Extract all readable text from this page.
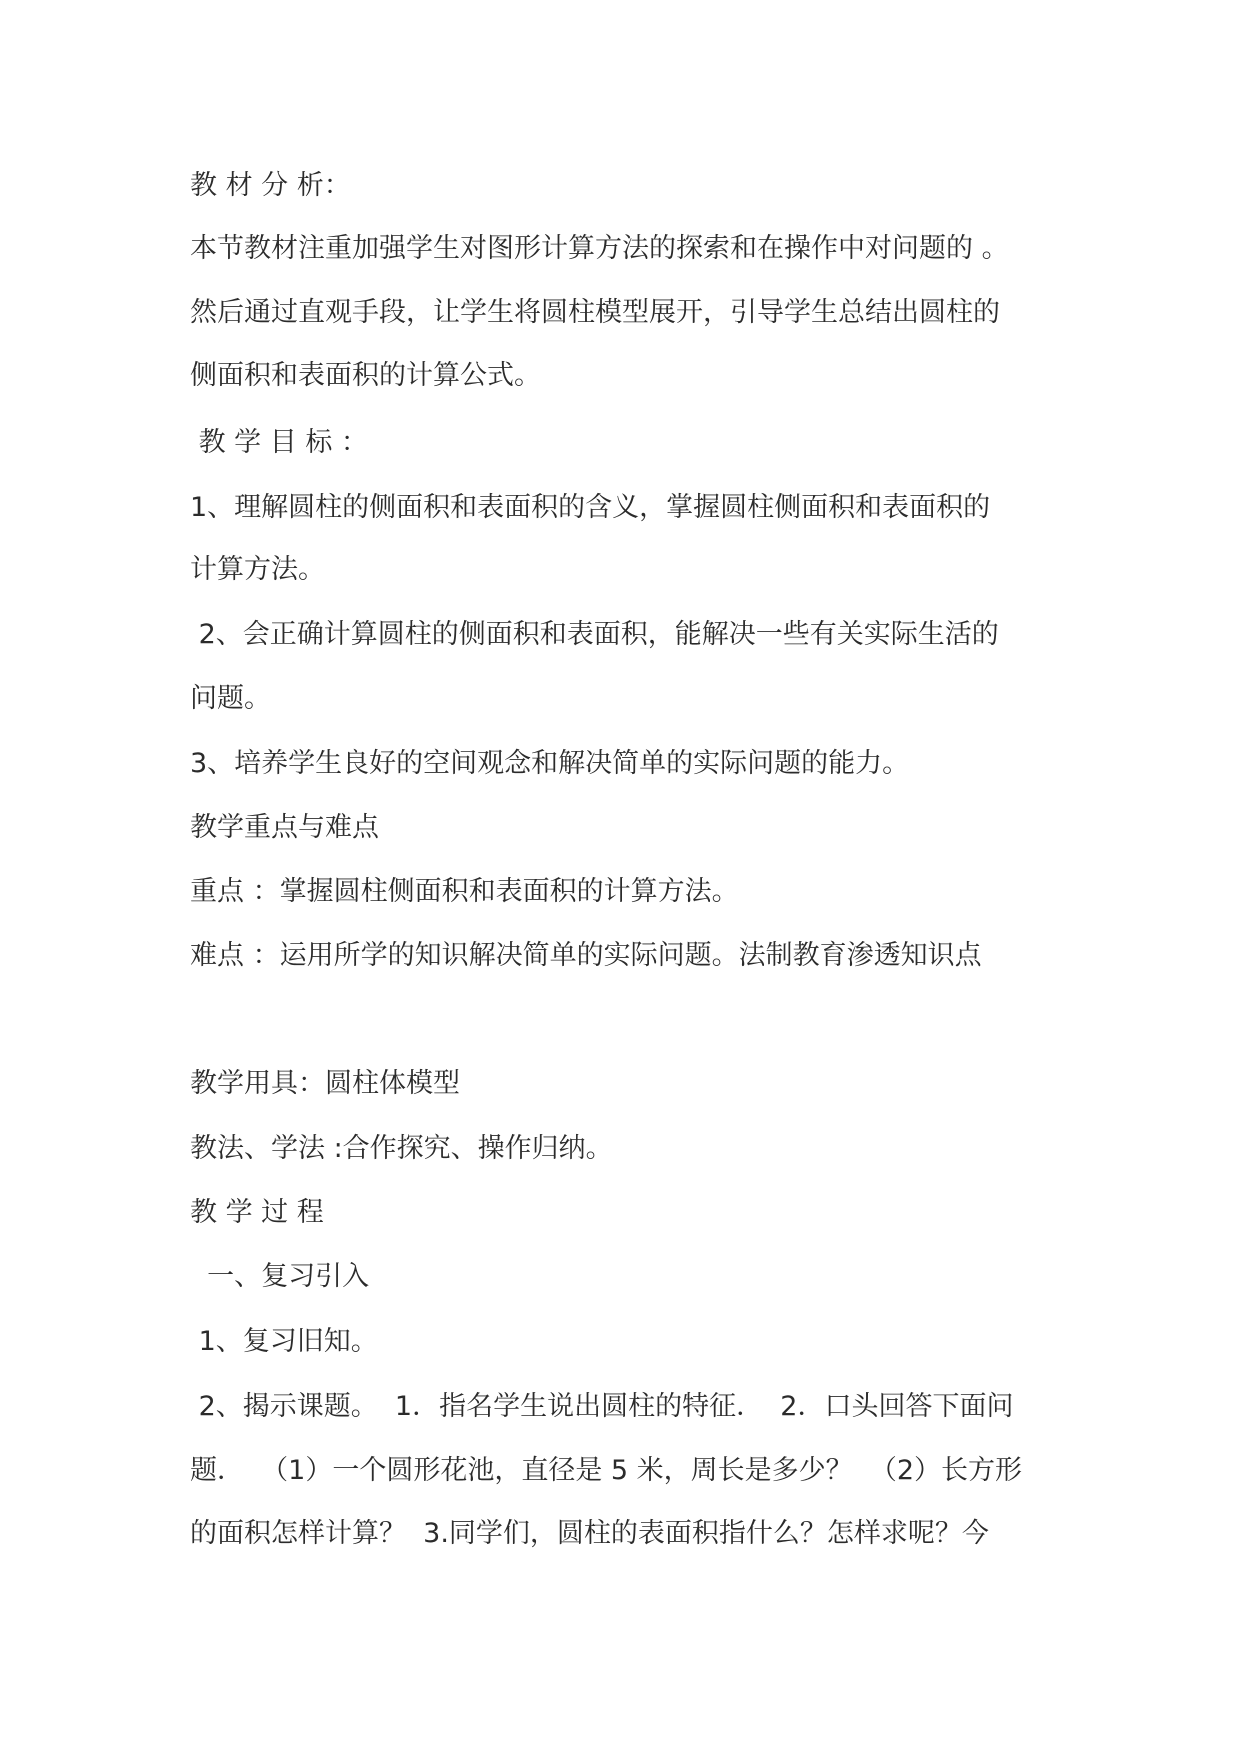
教 材 分 析：

本节教材注重加强学生对图形计算方法的探索和在操作中对问题的 。

然后通过直观手段，让学生将圆柱模型展开，引导学生总结出圆柱的

侧面积和表面积的计算公式。

教 学 目 标 ：

1、理解圆柱的侧面积和表面积的含义，掌握圆柱侧面积和表面积的

计算方法。

2、会正确计算圆柱的侧面积和表面积，能解决一些有关实际生活的

问题。

3、培养学生良好的空间观念和解决简单的实际问题的能力。

教学重点与难点

重点 ：掌握圆柱侧面积和表面积的计算方法。

难点 ：运用所学的知识解决简单的实际问题。法制教育渗透知识点

教学用具：圆柱体模型

教法、学法 :合作探究、操作归纳。

教 学 过 程

一、复习引入

1、复习旧知。

2、揭示课题。  1．指名学生说出圆柱的特征．  2．口头回答下面问

题．  （1）一个圆形花池，直径是 5 米，周长是多少？  （2）长方形

的面积怎样计算？  3.同学们，圆柱的表面积指什么？怎样求呢？今
